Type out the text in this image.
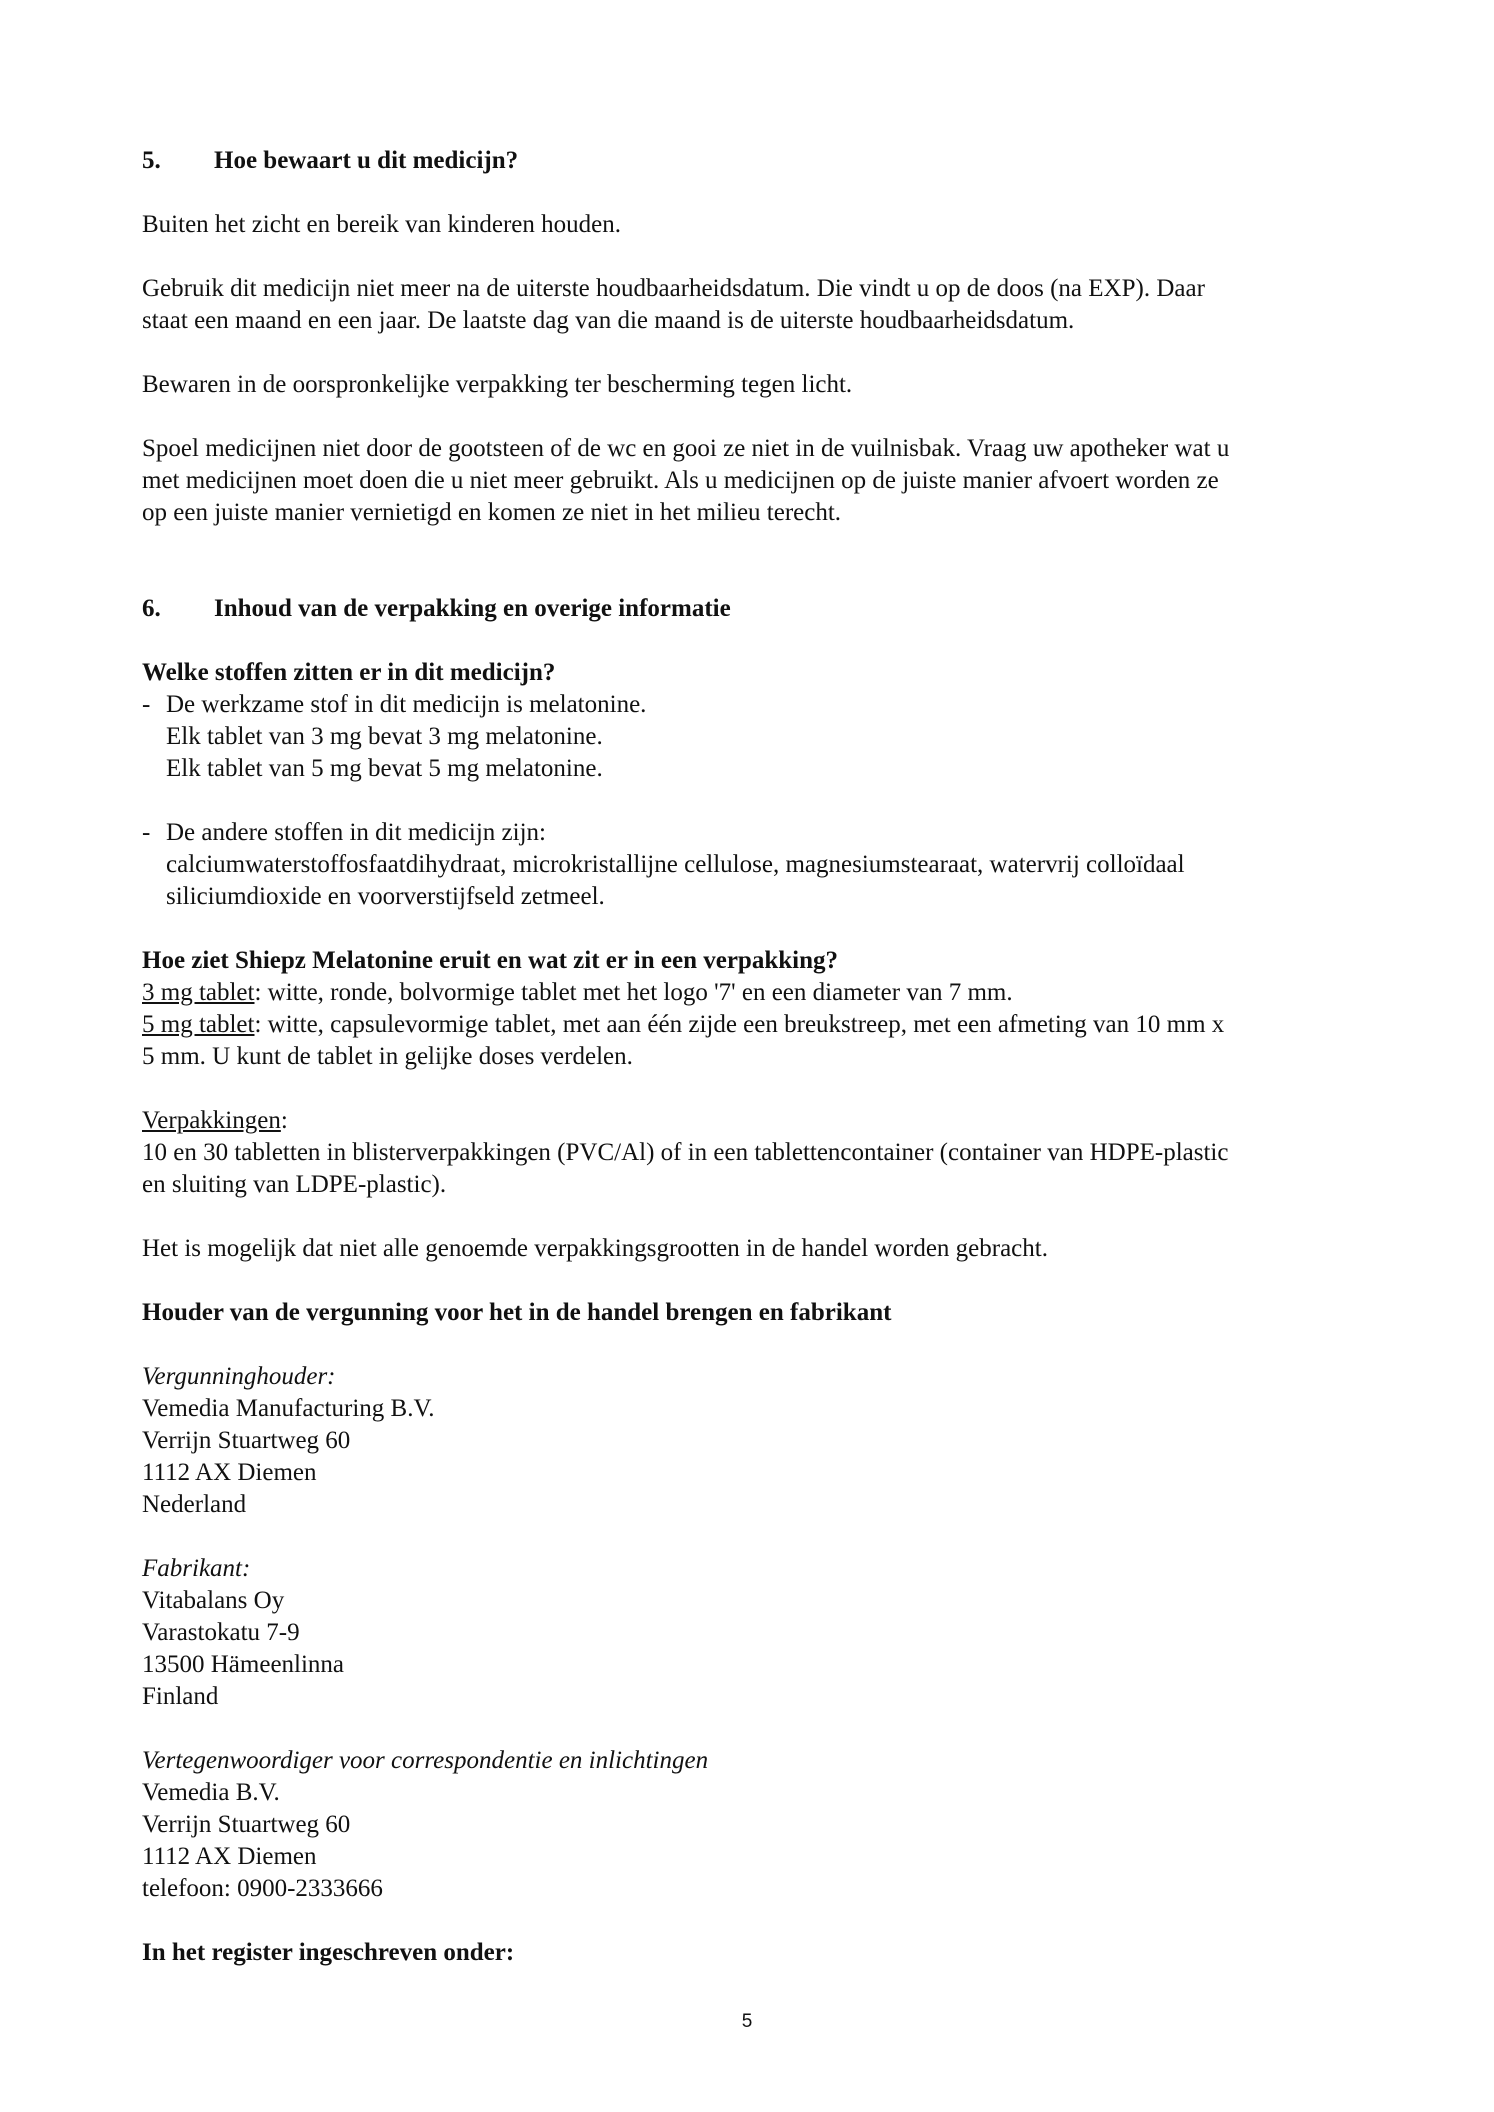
5.	Hoe bewaart u dit medicijn?

Buiten het zicht en bereik van kinderen houden.

Gebruik dit medicijn niet meer na de uiterste houdbaarheidsdatum. Die vindt u op de doos (na EXP). Daar

staat een maand en een jaar. De laatste dag van die maand is de uiterste houdbaarheidsdatum.

Bewaren in de oorspronkelijke verpakking ter bescherming tegen licht.

Spoel medicijnen niet door de gootsteen of de wc en gooi ze niet in de vuilnisbak. Vraag uw apotheker wat u

met medicijnen moet doen die u niet meer gebruikt. Als u medicijnen op de juiste manier afvoert worden ze

op een juiste manier vernietigd en komen ze niet in het milieu terecht.

6.	Inhoud van de verpakking en overige informatie

Welke stoffen zitten er in dit medicijn?

- De werkzame stof in dit medicijn is melatonine.

Elk tablet van 3 mg bevat 3 mg melatonine.

Elk tablet van 5 mg bevat 5 mg melatonine.

- De andere stoffen in dit medicijn zijn:

calciumwaterstoffosfaatdihydraat, microkristallijne cellulose, magnesiumstearaat, watervrij colloïdaal

siliciumdioxide en voorverstijfseld zetmeel.

Hoe ziet Shiepz Melatonine eruit en wat zit er in een verpakking?

3 mg tablet: witte, ronde, bolvormige tablet met het logo '7' en een diameter van 7 mm.

5 mg tablet: witte, capsulevormige tablet, met aan één zijde een breukstreep, met een afmeting van 10 mm x

5 mm. U kunt de tablet in gelijke doses verdelen.

Verpakkingen:

10 en 30 tabletten in blisterverpakkingen (PVC/Al) of in een tablettencontainer (container van HDPE-plastic

en sluiting van LDPE-plastic).

Het is mogelijk dat niet alle genoemde verpakkingsgrootten in de handel worden gebracht.

Houder van de vergunning voor het in de handel brengen en fabrikant

Vergunninghouder:

Vemedia Manufacturing B.V.

Verrijn Stuartweg 60

1112 AX Diemen

Nederland

Fabrikant:

Vitabalans Oy

Varastokatu 7-9

13500 Hämeenlinna

Finland

Vertegenwoordiger voor correspondentie en inlichtingen

Vemedia B.V.

Verrijn Stuartweg 60

1112 AX Diemen

telefoon: 0900-2333666

In het register ingeschreven onder:

5
